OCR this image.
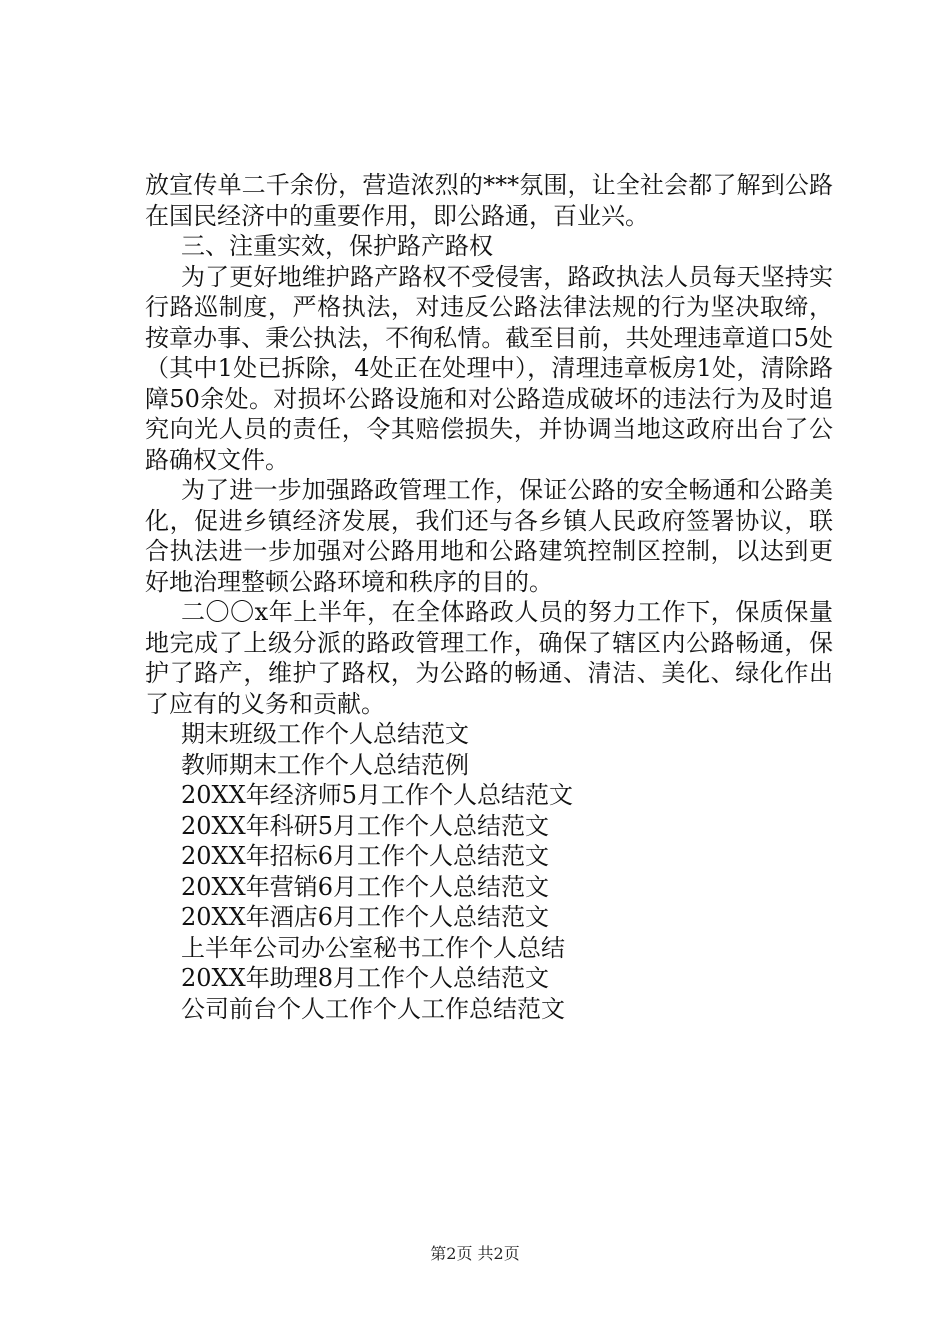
放宣传单二千余份，营造浓烈的***氛围，让全社会都了解到公路在国民经济中的重要作用，即公路通，百业兴。

三、注重实效，保护路产路权

为了更好地维护路产路权不受侵害，路政执法人员每天坚持实行路巡制度，严格执法，对违反公路法律法规的行为坚决取缔，按章办事、秉公执法，不徇私情。截至目前，共处理违章道口5处（其中1处已拆除，4处正在处理中），清理违章板房1处，清除路障50余处。对损坏公路设施和对公路造成破坏的违法行为及时追究向光人员的责任，令其赔偿损失，并协调当地这政府出台了公路确权文件。

为了进一步加强路政管理工作，保证公路的安全畅通和公路美化，促进乡镇经济发展，我们还与各乡镇人民政府签署协议，联合执法进一步加强对公路用地和公路建筑控制区控制，以达到更好地治理整顿公路环境和秩序的目的。

二〇〇x年上半年，在全体路政人员的努力工作下，保质保量地完成了上级分派的路政管理工作，确保了辖区内公路畅通，保护了路产，维护了路权，为公路的畅通、清洁、美化、绿化作出了应有的义务和贡献。

期末班级工作个人总结范文
教师期末工作个人总结范例
20XX年经济师5月工作个人总结范文
20XX年科研5月工作个人总结范文
20XX年招标6月工作个人总结范文
20XX年营销6月工作个人总结范文
20XX年酒店6月工作个人总结范文
上半年公司办公室秘书工作个人总结
20XX年助理8月工作个人总结范文
公司前台个人工作个人工作总结范文
第2页 共2页
